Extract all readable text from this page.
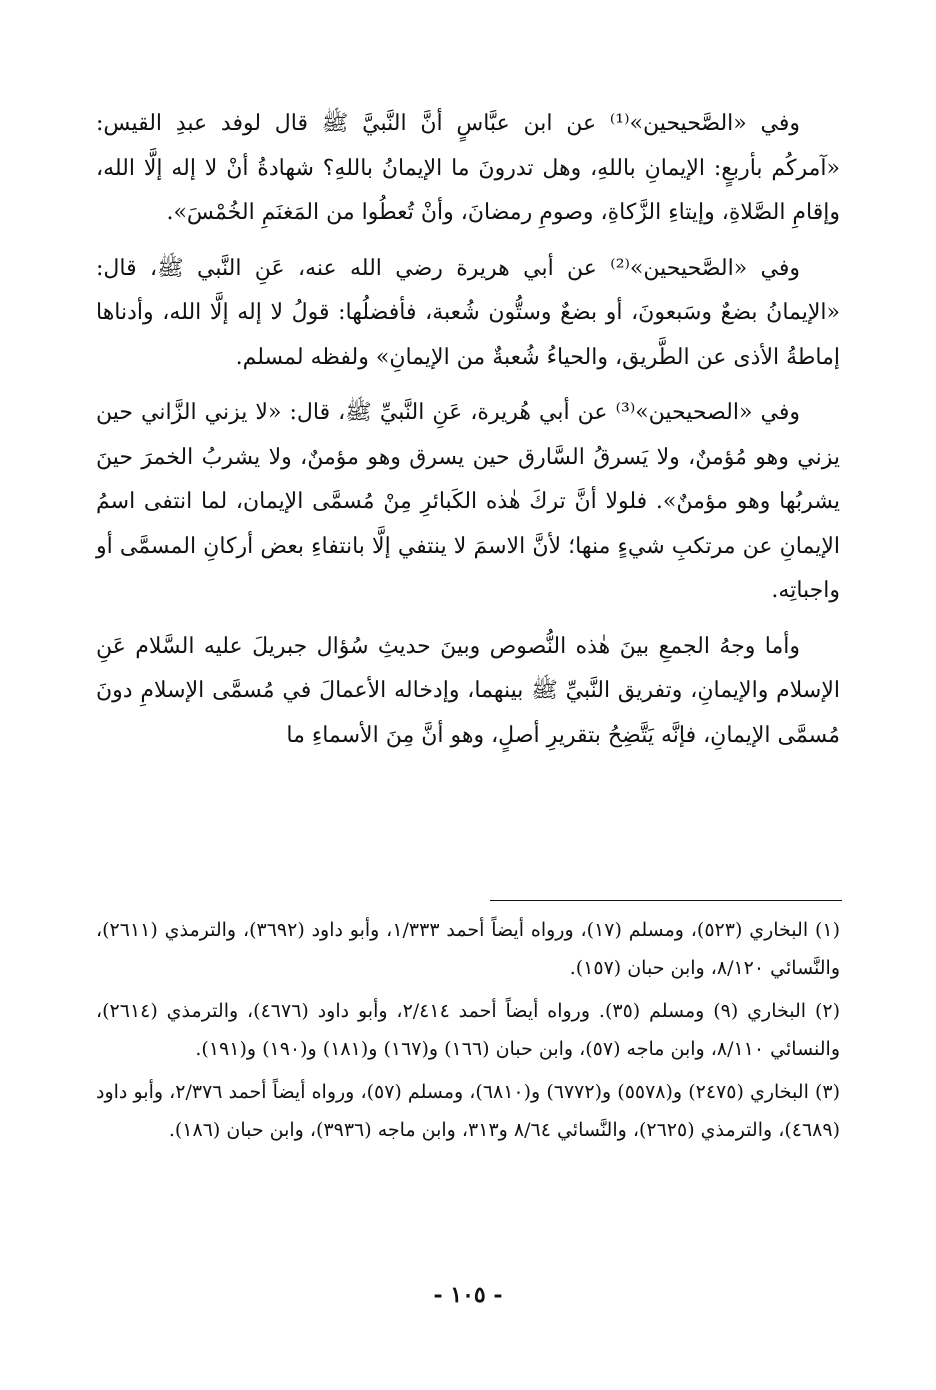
وفي «الصَّحيحين»⁽¹⁾ عن ابن عبَّاسٍ أنَّ النَّبيَّ ﷺ قال لوفد عبدِ القيس: «آمركُم بأربعٍ: الإيمانِ باللهِ، وهل تدرونَ ما الإيمانُ باللهِ؟ شهادةُ أنْ لا إله إلَّا الله، وإقامِ الصَّلاةِ، وإيتاءِ الزَّكاةِ، وصومِ رمضانَ، وأنْ تُعطُوا من المَغنَمِ الخُمْسَ».

وفي «الصَّحيحين»⁽²⁾ عن أبي هريرة رضي الله عنه، عَنِ النَّبي ﷺ، قال: «الإيمانُ بضعٌ وسَبعونَ، أو بضعٌ وستُّون شُعبة، فأفضلُها: قولُ لا إله إلَّا الله، وأدناها إماطةُ الأذى عن الطَّريق، والحياءُ شُعبةٌ من الإيمانِ» ولفظه لمسلم.

وفي «الصحيحين»⁽³⁾ عن أبي هُريرة، عَنِ النَّبيِّ ﷺ، قال: «لا يزني الزَّاني حين يزني وهو مُؤمنٌ، ولا يَسرقُ السَّارق حين يسرق وهو مؤمنٌ، ولا يشربُ الخمرَ حينَ يشربُها وهو مؤمنٌ». فلولا أنَّ تركَ هٰذه الكَبائرِ مِنْ مُسمَّى الإيمان، لما انتفى اسمُ الإيمانِ عن مرتكبِ شيءٍ منها؛ لأنَّ الاسمَ لا ينتفي إلَّا بانتفاءِ بعض أركانِ المسمَّى أو واجباتِه.

وأما وجهُ الجمعِ بينَ هٰذه النُّصوص وبينَ حديثِ سُؤال جبريلَ عليه السَّلام عَنِ الإسلام والإيمانِ، وتفريق النَّبيِّ ﷺ بينهما، وإدخاله الأعمالَ في مُسمَّى الإسلامِ دونَ مُسمَّى الإيمانِ، فإنَّه يَتَّضِحُ بتقريرِ أصلٍ، وهو أنَّ مِنَ الأسماءِ ما

(١) البخاري (٥٢٣)، ومسلم (١٧)، ورواه أيضاً أحمد ١/٣٣٣، وأبو داود (٣٦٩٢)، والترمذي (٢٦١١)، والنَّسائي ٨/١٢٠، وابن حبان (١٥٧).

(٢) البخاري (٩) ومسلم (٣٥). ورواه أيضاً أحمد ٢/٤١٤، وأبو داود (٤٦٧٦)، والترمذي (٢٦١٤)، والنسائي ٨/١١٠، وابن ماجه (٥٧)، وابن حبان (١٦٦) و(١٦٧) و(١٨١) و(١٩٠) و(١٩١).

(٣) البخاري (٢٤٧٥) و(٥٥٧٨) و(٦٧٧٢) و(٦٨١٠)، ومسلم (٥٧)، ورواه أيضاً أحمد ٢/٣٧٦، وأبو داود (٤٦٨٩)، والترمذي (٢٦٢٥)، والنَّسائي ٨/٦٤ و٣١٣، وابن ماجه (٣٩٣٦)، وابن حبان (١٨٦).

- ١٠٥ -
